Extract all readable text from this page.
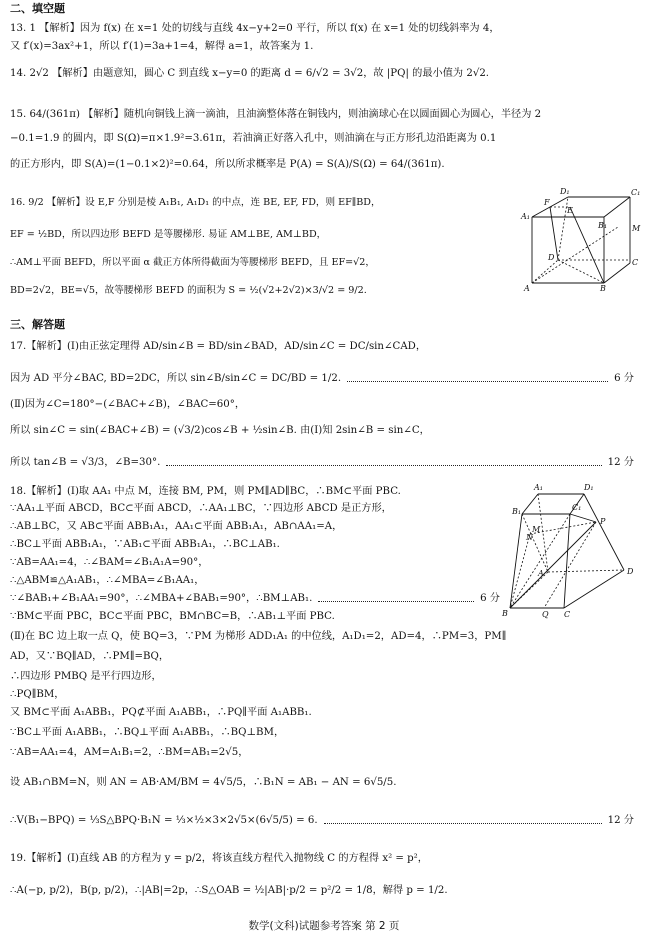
二、填空题
13. 1 【解析】因为 f(x) 在 x=1 处的切线与直线 4x−y+2=0 平行，所以 f(x) 在 x=1 处的切线斜率为 4，
又 f′(x)=3ax²+1，所以 f′(1)=3a+1=4，解得 a=1，故答案为 1.
14. 2√2 【解析】由题意知，圆心 C 到直线 x−y=0 的距离 d = 6/√2 = 3√2，故 |PQ| 的最小值为 2√2.
15. 64/(361π) 【解析】随机向铜钱上滴一滴油，且油滴整体落在铜钱内，则油滴球心在以圆面圆心为圆心，半径为 2
−0.1=1.9 的圆内，即 S(Ω)=π×1.9²=3.61π，若油滴正好落入孔中，则油滴在与正方形孔边沿距离为 0.1
的正方形内，即 S(A)=(1−0.1×2)²=0.64，所以所求概率是 P(A) = S(A)/S(Ω) = 64/(361π).
16. 9/2 【解析】设 E,F 分别是棱 A₁B₁, A₁D₁ 的中点，连 BE, EF, FD，则 EF∥BD，
EF = ½BD，所以四边形 BEFD 是等腰梯形. 易证 AM⊥BE, AM⊥BD，
∴AM⊥平面 BEFD，所以平面 α 截正方体所得截面为等腰梯形 BEFD，且 EF=√2，
BD=2√2，BE=√5，故等腰梯形 BEFD 的面积为 S = ½(√2+2√2)×3/√2 = 9/2.
D₁	C₁
F
E
A₁
B₁	M
D
C
A	B
三、解答题
17.【解析】(Ⅰ)由正弦定理得 AD/sin∠B = BD/sin∠BAD，AD/sin∠C = DC/sin∠CAD，
因为 AD 平分∠BAC, BD=2DC，所以 sin∠B/sin∠C = DC/BD = 1/2.	6 分
(Ⅱ)因为∠C=180°−(∠BAC+∠B)，∠BAC=60°，
所以 sin∠C = sin(∠BAC+∠B) = (√3/2)cos∠B + ½sin∠B. 由(Ⅰ)知 2sin∠B = sin∠C，
所以 tan∠B = √3/3，∠B=30°.	12 分
18.【解析】(Ⅰ)取 AA₁ 中点 M，连接 BM, PM，则 PM∥AD∥BC，∴BM⊂平面 PBC.
∵AA₁⊥平面 ABCD，BC⊂平面 ABCD，∴AA₁⊥BC，∵四边形 ABCD 是正方形，
∴AB⊥BC，又 AB⊂平面 ABB₁A₁，AA₁⊂平面 ABB₁A₁，AB∩AA₁=A，
∴BC⊥平面 ABB₁A₁，∵AB₁⊂平面 ABB₁A₁，∴BC⊥AB₁.
∵AB=AA₁=4，∴∠BAM=∠B₁A₁A=90°，
∴△ABM≌△A₁AB₁，∴∠MBA=∠B₁AA₁，
∵∠BAB₁+∠B₁AA₁=90°，∴∠MBA+∠BAB₁=90°，∴BM⊥AB₁.	6 分
∵BM⊂平面 PBC，BC⊂平面 PBC，BM∩BC=B，∴AB₁⊥平面 PBC.
(Ⅱ)在 BC 边上取一点 Q，使 BQ=3，∵PM 为梯形 ADD₁A₁ 的中位线，A₁D₁=2，AD=4，∴PM=3，PM∥
AD，又∵BQ∥AD，∴PM∥=BQ，
∴四边形 PMBQ 是平行四边形，
∴PQ∥BM，
又 BM⊂平面 A₁ABB₁，PQ⊄平面 A₁ABB₁，∴PQ∥平面 A₁ABB₁.
∵BC⊥平面 A₁ABB₁，∴BQ⊥平面 A₁ABB₁，∴BQ⊥BM，
∵AB=AA₁=4，AM=A₁B₁=2，∴BM=AB₁=2√5，
设 AB₁∩BM=N，则 AN = AB·AM/BM = 4√5/5，∴B₁N = AB₁ − AN = 6√5/5.
∴V(B₁−BPQ) = ⅓S△BPQ·B₁N = ⅓×½×3×2√5×(6√5/5) = 6.	12 分
A₁	D₁
B₁	C₁
M
N
P
A	D
B	Q C
19.【解析】(Ⅰ)直线 AB 的方程为 y = p/2，将该直线方程代入抛物线 C 的方程得 x² = p²，
∴A(−p, p/2)，B(p, p/2)，∴|AB|=2p，∴S△OAB = ½|AB|·p/2 = p²/2 = 1/8，解得 p = 1/2.
数学(文科)试题参考答案 第 2 页
